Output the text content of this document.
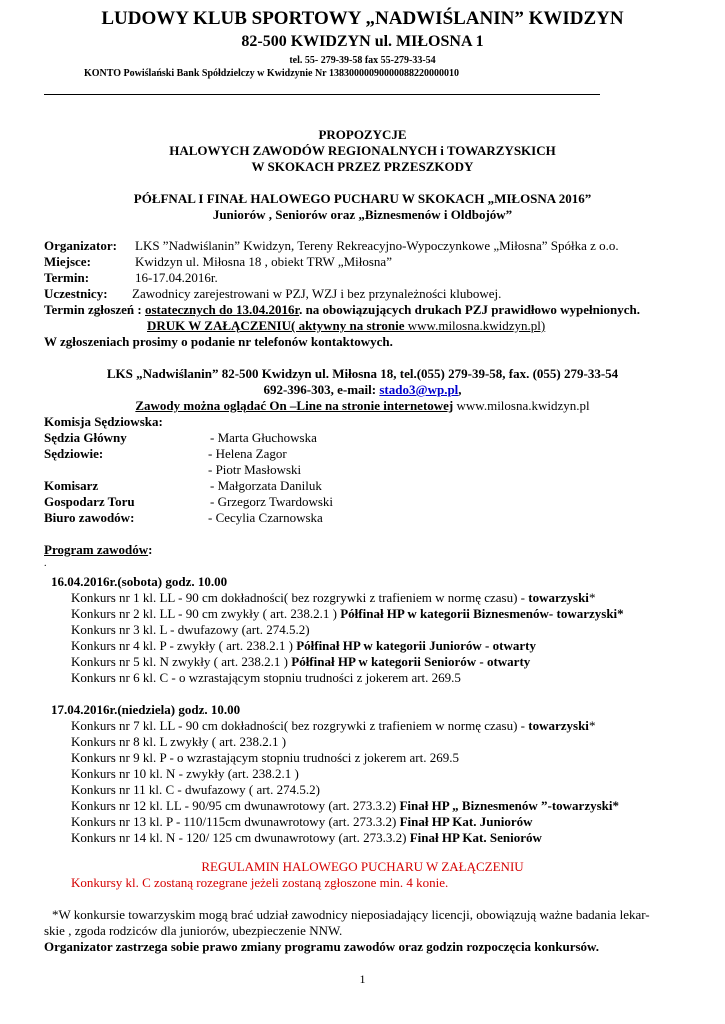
LUDOWY KLUB SPORTOWY „NADWIŚLANIN” KWIDZYN
82-500 KWIDZYN ul. MIŁOSNA 1
tel. 55- 279-39-58 fax 55-279-33-54
KONTO Powiślański Bank Spółdzielczy w Kwidzynie Nr 13830000090000088220000010
PROPOZYCJE
HALOWYCH ZAWODÓW REGIONALNYCH i TOWARZYSKICH
W SKOKACH PRZEZ PRZESZKODY
PÓŁFNAL I FINAŁ HALOWEGO PUCHARU W SKOKACH „MIŁOSNA 2016”
Juniorów , Seniorów oraz „Biznesmenów i Oldbojów”
Organizator: LKS ”Nadwiślanin” Kwidzyn, Tereny Rekreacyjno-Wypoczynkowe „Miłosna” Spółka z o.o.
Miejsce:	Kwidzyn ul. Miłosna 18 , obiekt TRW „Miłosna”
Termin:	16-17.04.2016r.
Uczestnicy: Zawodnicy zarejestrowani w PZJ, WZJ i bez przynależności klubowej.
Termin zgłoszeń : ostatecznych do 13.04.2016r. na obowiązujących drukach PZJ prawidłowo wypełnionych.
DRUK W ZAŁĄCZENIU( aktywny na stronie www.milosna.kwidzyn.pl)
W zgłoszeniach prosimy o podanie nr telefonów kontaktowych.
LKS „Nadwiślanin” 82-500 Kwidzyn ul. Miłosna 18, tel.(055) 279-39-58, fax. (055) 279-33-54
692-396-303, e-mail: stado3@wp.pl,
Zawody można oglądać On –Line na stronie internetowej www.milosna.kwidzyn.pl
Komisja Sędziowska:
Sędzia Główny	- Marta Głuchowska
Sędziowie:	- Helena Zagor
- Piotr Masłowski
Komisarz	- Małgorzata Daniluk
Gospodarz Toru	- Grzegorz Twardowski
Biuro zawodów:	- Cecylia Czarnowska
Program zawodów:
.
16.04.2016r.(sobota) godz. 10.00
Konkurs nr 1 kl. LL - 90 cm dokładności( bez rozgrywki z trafieniem w normę czasu) - towarzyski*
Konkurs nr 2 kl. LL - 90 cm zwykły ( art. 238.2.1 ) Półfinał HP w kategorii Biznesmenów- towarzyski*
Konkurs nr 3 kl. L - dwufazowy (art. 274.5.2)
Konkurs nr 4 kl. P - zwykły ( art. 238.2.1 ) Półfinał HP w kategorii Juniorów - otwarty
Konkurs nr 5 kl. N zwykły ( art. 238.2.1 ) Półfinał HP w kategorii Seniorów - otwarty
Konkurs nr 6 kl. C - o wzrastającym stopniu trudności z jokerem art. 269.5
17.04.2016r.(niedziela) godz. 10.00
Konkurs nr 7 kl. LL - 90 cm dokładności( bez rozgrywki z trafieniem w normę czasu) - towarzyski*
Konkurs nr 8 kl. L zwykły ( art. 238.2.1 )
Konkurs nr 9 kl. P - o wzrastającym stopniu trudności z jokerem art. 269.5
Konkurs nr 10 kl. N - zwykły (art. 238.2.1 )
Konkurs nr 11 kl. C - dwufazowy ( art. 274.5.2)
Konkurs nr 12 kl. LL - 90/95 cm dwunawrotowy (art. 273.3.2) Finał HP „ Biznesmenów ”-towarzyski*
Konkurs nr 13 kl. P - 110/115cm dwunawrotowy (art. 273.3.2) Finał HP Kat. Juniorów
Konkurs nr 14 kl. N - 120/ 125 cm dwunawrotowy (art. 273.3.2) Finał HP Kat. Seniorów
REGULAMIN HALOWEGO PUCHARU W ZAŁĄCZENIU
Konkursy kl. C zostaną rozegrane jeżeli zostaną zgłoszone min. 4 konie.
*W konkursie towarzyskim mogą brać udział zawodnicy nieposiadający licencji, obowiązują ważne badania lekar-
skie , zgoda rodziców dla juniorów, ubezpieczenie NNW.
Organizator zastrzega sobie prawo zmiany programu zawodów oraz godzin rozpoczęcia konkursów.
1
